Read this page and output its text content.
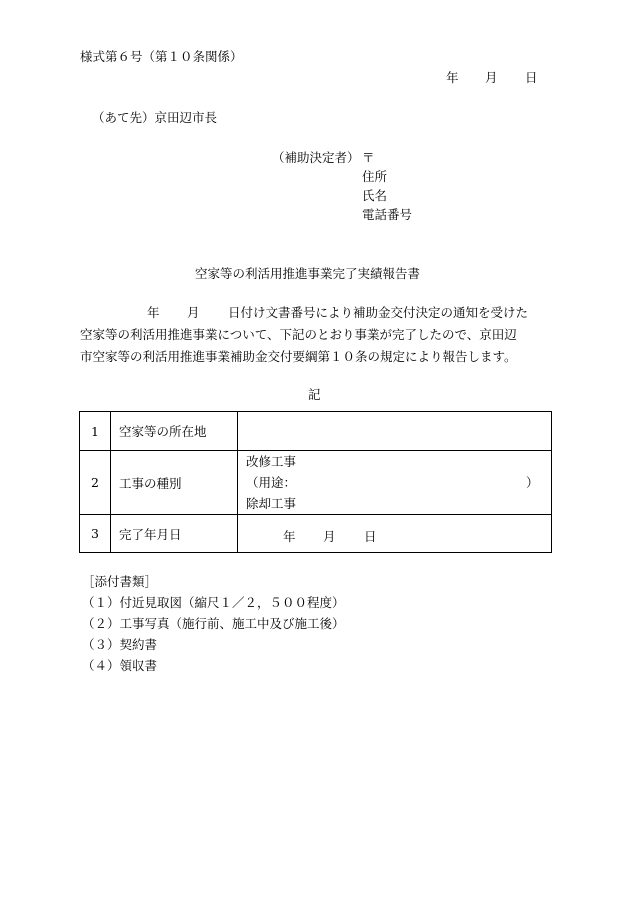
様式第６号（第１０条関係）
年 月 日
（あて先）京田辺市長
（補助決定者） 〒
住所
氏名
電話番号
空家等の利活用推進事業完了実績報告書
年 月 日付け文書番号により補助金交付決定の通知を受けた
空家等の利活用推進事業について、下記のとおり事業が完了したので、京田辺
市空家等の利活用推進事業補助金交付要綱第１０条の規定により報告します。
記
1	空家等の所在地	
2	工事の種別	改修工事
（用途： ）
除却工事

3	完了年月日	年 月 日
［添付書類］
（１）付近見取図（縮尺１／２，５００程度）
（２）工事写真（施行前、施工中及び施工後）
（３）契約書
（４）領収書
